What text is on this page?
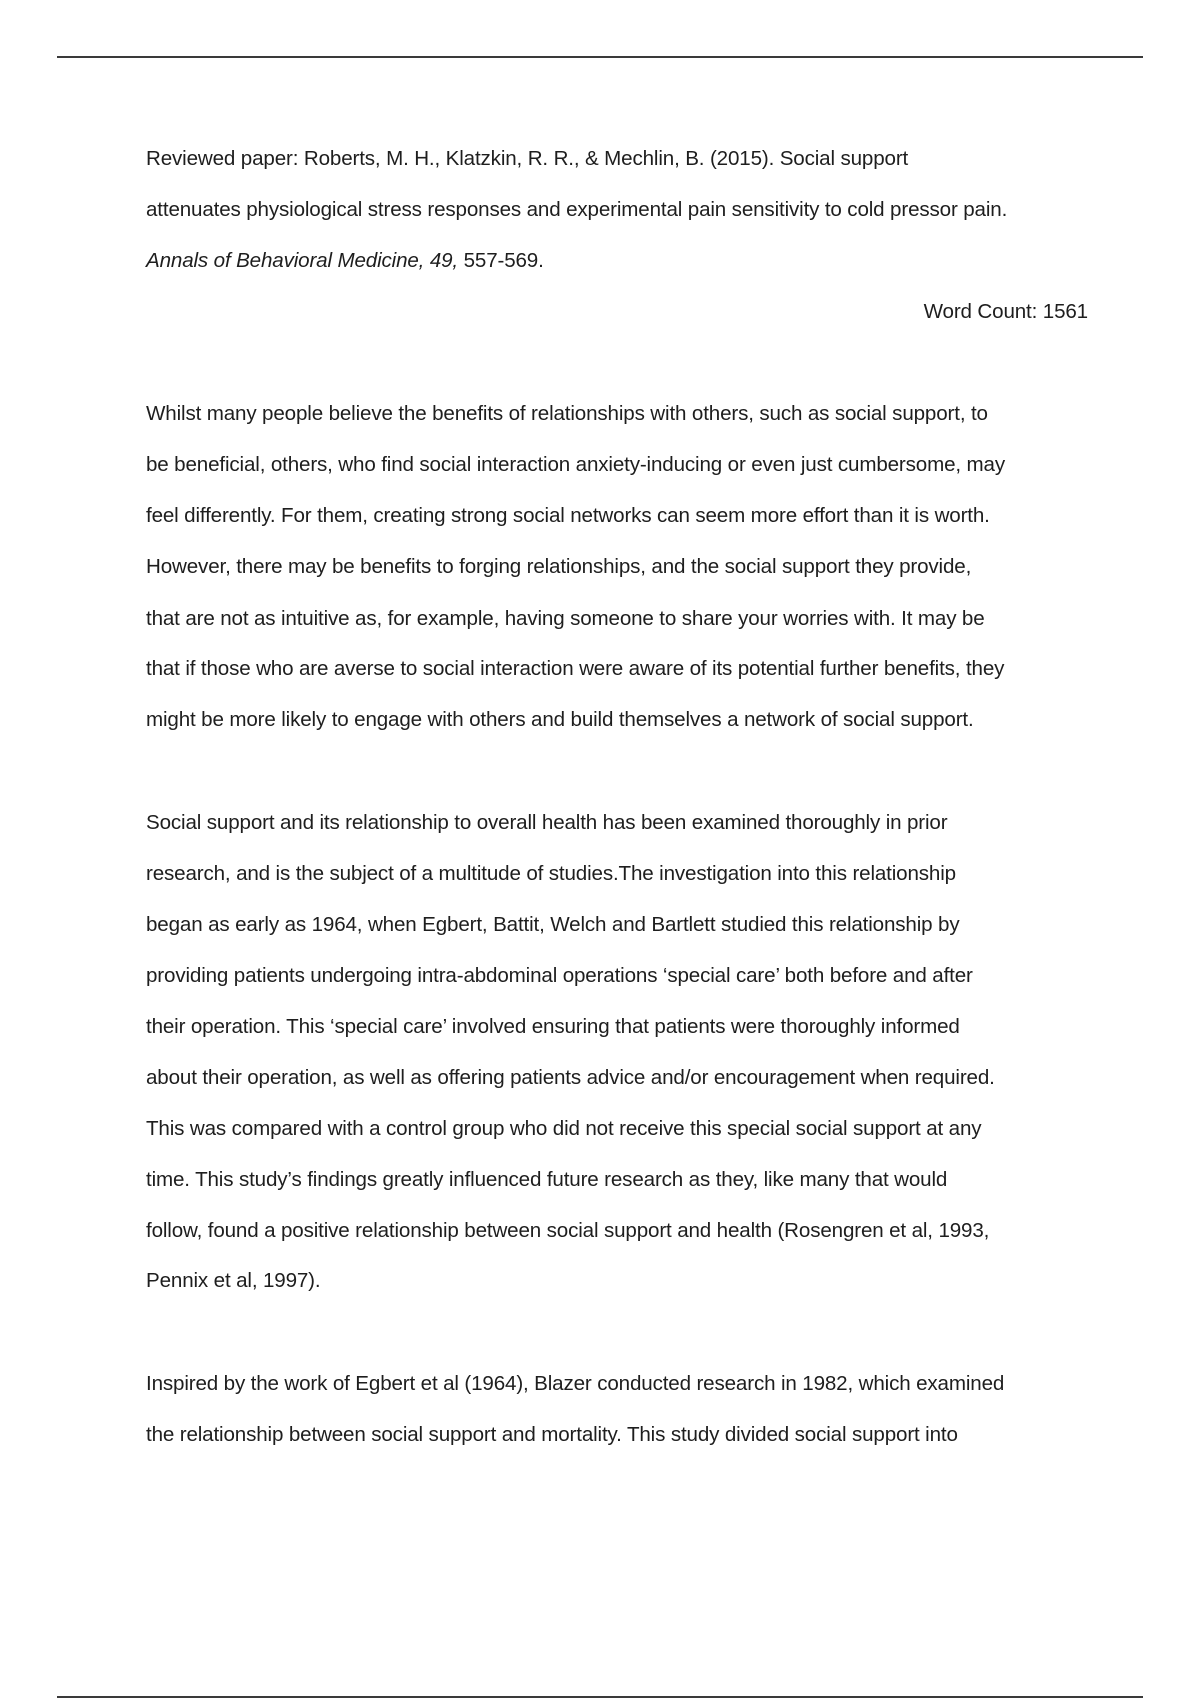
Reviewed paper: Roberts, M. H., Klatzkin, R. R., & Mechlin, B. (2015). Social support
attenuates physiological stress responses and experimental pain sensitivity to cold pressor pain.
Annals of Behavioral Medicine, 49, 557-569.
Word Count: 1561
Whilst many people believe the benefits of relationships with others, such as social support, to
be beneficial, others, who find social interaction anxiety-inducing or even just cumbersome, may
feel differently. For them, creating strong social networks can seem more effort than it is worth.
However, there may be benefits to forging relationships, and the social support they provide,
that are not as intuitive as, for example, having someone to share your worries with. It may be
that if those who are averse to social interaction were aware of its potential further benefits, they
might be more likely to engage with others and build themselves a network of social support.
Social support and its relationship to overall health has been examined thoroughly in prior
research, and is the subject of a multitude of studies.The investigation into this relationship
began as early as 1964, when Egbert, Battit, Welch and Bartlett studied this relationship by
providing patients undergoing intra-abdominal operations ‘special care’ both before and after
their operation. This ‘special care’ involved ensuring that patients were thoroughly informed
about their operation, as well as offering patients advice and/or encouragement when required.
This was compared with a control group who did not receive this special social support at any
time. This study’s findings greatly influenced future research as they, like many that would
follow, found a positive relationship between social support and health (Rosengren et al, 1993,
Pennix et al, 1997).
Inspired by the work of Egbert et al (1964), Blazer conducted research in 1982, which examined
the relationship between social support and mortality. This study divided social support into
